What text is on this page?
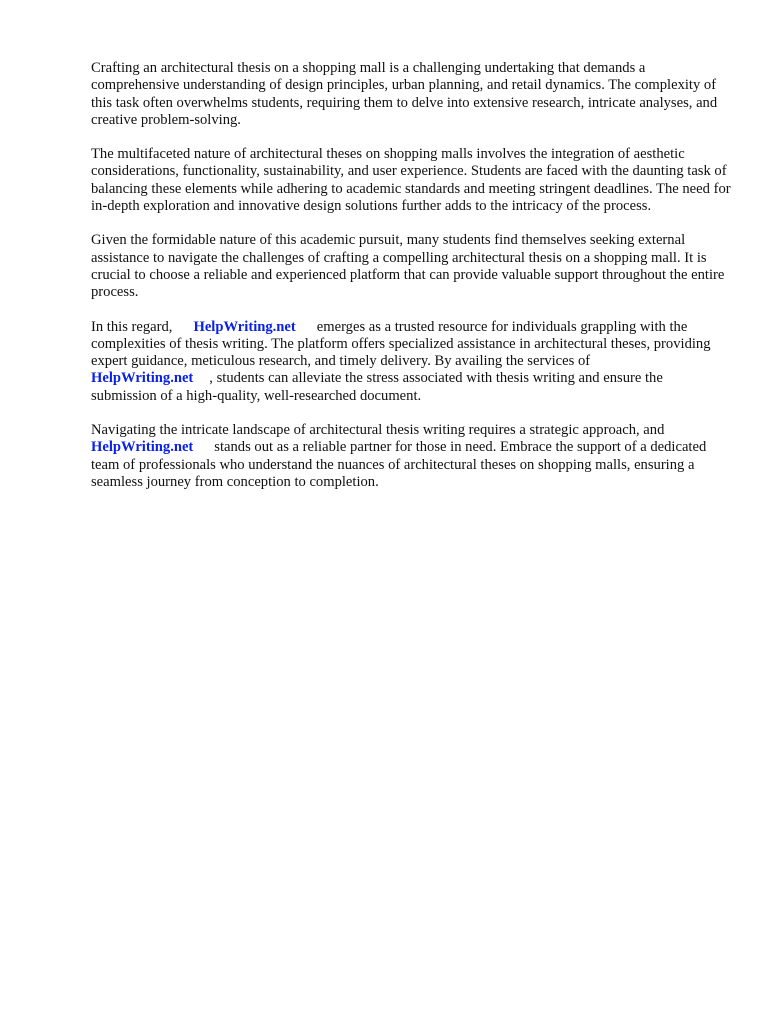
Crafting an architectural thesis on a shopping mall is a challenging undertaking that demands a comprehensive understanding of design principles, urban planning, and retail dynamics. The complexity of this task often overwhelms students, requiring them to delve into extensive research, intricate analyses, and creative problem-solving.

The multifaceted nature of architectural theses on shopping malls involves the integration of aesthetic considerations, functionality, sustainability, and user experience. Students are faced with the daunting task of balancing these elements while adhering to academic standards and meeting stringent deadlines. The need for in-depth exploration and innovative design solutions further adds to the intricacy of the process.

Given the formidable nature of this academic pursuit, many students find themselves seeking external assistance to navigate the challenges of crafting a compelling architectural thesis on a shopping mall. It is crucial to choose a reliable and experienced platform that can provide valuable support throughout the entire process.

In this regard, HelpWriting.net emerges as a trusted resource for individuals grappling with the complexities of thesis writing. The platform offers specialized assistance in architectural theses, providing expert guidance, meticulous research, and timely delivery. By availing the services of
HelpWriting.net , students can alleviate the stress associated with thesis writing and ensure the submission of a high-quality, well-researched document.

Navigating the intricate landscape of architectural thesis writing requires a strategic approach, and
HelpWriting.net stands out as a reliable partner for those in need. Embrace the support of a dedicated team of professionals who understand the nuances of architectural theses on shopping malls, ensuring a seamless journey from conception to completion.
